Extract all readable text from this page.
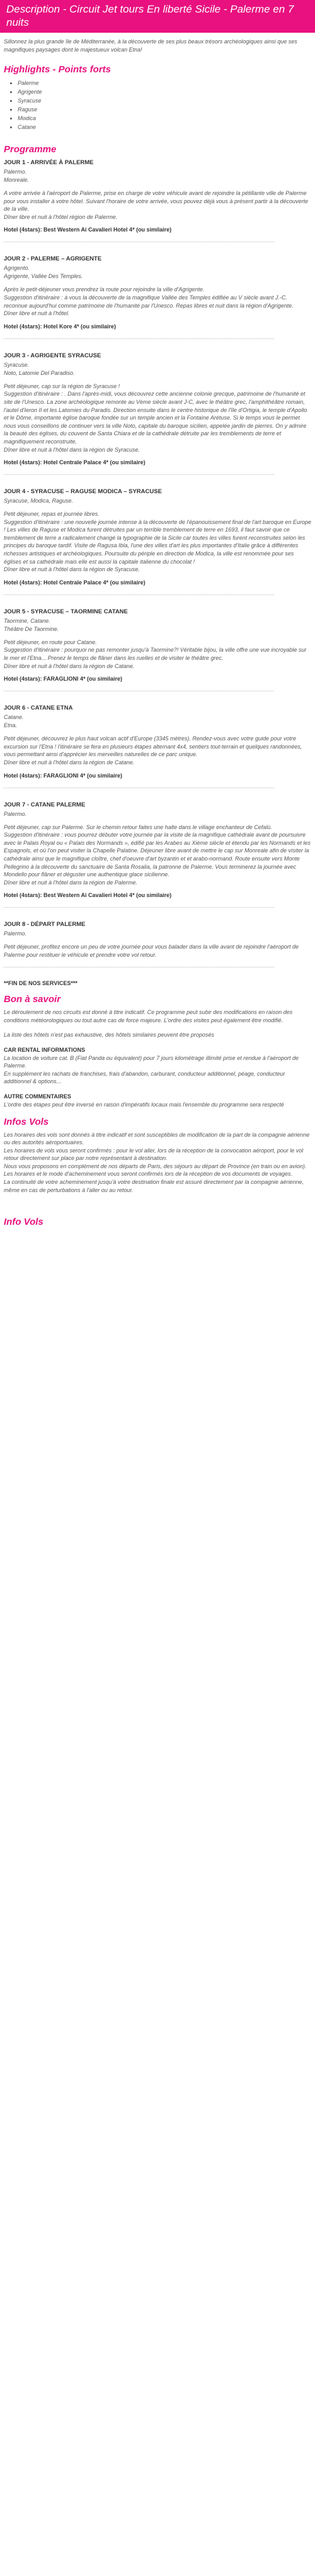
Description - Circuit Jet tours En liberté Sicile - Palerme en 7 nuits

Sillonnez la plus grande île de Méditerranée, à la découverte de ses plus beaux trésors archéologiques ainsi que ses magnifiques paysages dont le majestueux volcan Etna!

Highlights - Points forts
• Palerme
• Agrigente
• Syracuse
• Raguse
• Modica
• Catane
Programme
JOUR 1 - ARRIVÉE À PALERME
Palermo.
Monreale.
A votre arrivée à l'aéroport de Palerme, prise en charge de votre véhicule avant de rejoindre la pétillante ville de Palerme pour vous installer à votre hôtel. Suivant l'horaire de votre arrivée, vous pouvez déjà vous à présent partir à la découverte de la ville.
Dîner libre et nuit à l'hôtel région de Palerme.
Hotel (4stars): Best Western Ai Cavalieri Hotel 4* (ou similaire)
JOUR 2 - PALERME – AGRIGENTE
Agrigento.
Agrigente, Vallée Des Temples.
Après le petit-déjeuner vous prendrez la route pour rejoindre la ville d'Agrigente.
Suggestion d'itinéraire : à vous la découverte de la magnifique Vallée des Temples édifiée au V siècle avant J.-C. reconnue aujourd'hui comme patrimoine de l'humanité par l'Unesco. Repas libres et nuit dans la région d'Agrigente.
Dîner libre et nuit à l'hôtel.
Hotel (4stars): Hotel Kore 4* (ou similaire)
JOUR 3 - AGRIGENTE SYRACUSE
Syracuse.
Noto, Latomie Del Paradiso.
Petit déjeuner, cap sur la région de Syracuse !
Suggestion d'itinéraire : . Dans l'après-midi, vous découvrez cette ancienne colonie grecque, patrimoine de l'humanité et site de l'Unesco. La zone archéologique remonte au Vème siècle avant J-C, avec le théâtre grec, l'amphithéâtre romain, l'autel d'Ieron II et les Latomies du Paradis. Direction ensuite dans le centre historique de l'île d'Ortigia, le temple d'Apollo et le Dôme, importante église baroque fondée sur un temple ancien et la Fontaine Arétuse. Si le temps vous le permet nous vous conseillons de continuer vers la ville Noto, capitale du baroque sicilien, appelée jardin de pierres. On y admire la beauté des églises, du couvent de Santa Chiara et de la cathédrale détruite par les tremblements de terre et magnifiquement reconstruite.
Dîner libre et nuit à l'hôtel dans la région de Syracuse.
Hotel (4stars): Hotel Centrale Palace 4* (ou similaire)
JOUR 4 - SYRACUSE – RAGUSE MODICA – SYRACUSE
Syracuse, Modica, Raguse.
Petit déjeuner, repas et journée libres.
Suggestion d'itinéraire : une nouvelle journée intense à la découverte de l'épanouissement final de l'art baroque en Europe ! Les villes de Raguse et Modica furent détruites par un terrible tremblement de terre en 1693, il faut savoir que ce tremblement de terre a radicalement changé la typographie de la Sicile car toutes les villes furent reconstruites selon les principes du baroque tardif. Visite de Ragusa Ibla, l'une des villes d'art les plus importantes d'Italie grâce à différentes richesses artistiques et archéologiques. Poursuite du périple en direction de Modica, la ville est renommée pour ses églises et sa cathédrale mais elle est aussi la capitale italienne du chocolat !
Dîner libre et nuit à l'hôtel dans la région de Syracuse.
Hotel (4stars): Hotel Centrale Palace 4* (ou similaire)
JOUR 5 - SYRACUSE – TAORMINE CATANE
Taormine, Catane.
Théâtre De Taormine.
Petit déjeuner, en route pour Catane.
Suggestion d'itinéraire : pourquoi ne pas remonter jusqu'à Taormine?! Véritable bijou, la ville offre une vue incroyable sur le mer et l'Etna... Prenez le temps de flâner dans les ruelles et de visiter le théâtre grec.
Dîner libre et nuit à l'hôtel dans la région de Catane.
Hotel (4stars): FARAGLIONI 4* (ou similaire)
JOUR 6 - CATANE ETNA
Catane.
Etna.
Petit déjeuner, découvrez le plus haut volcan actif d'Europe (3345 mètres). Rendez-vous avec votre guide pour votre excursion sur l'Etna ! l'itinéraire se fera en plusieurs étapes alternant 4x4, sentiers tout-terrain et quelques randonnées, vous permettant ainsi d'apprécier les merveilles naturelles de ce parc unique.
Dîner libre et nuit à l'hôtel dans la région de Catane.
Hotel (4stars): FARAGLIONI 4* (ou similaire)
JOUR 7 - CATANE PALERME
Palermo.
Petit déjeuner, cap sur Palerme. Sur le chemin retour faites une halte dans le village enchanteur de Cefalù.
Suggestion d'itinéraire : vous pourrez débuter votre journée par la visite de la magnifique cathédrale avant de poursuivre avec le Palais Royal ou « Palais des Normands », édifié par les Arabes au Xième siècle et étendu par les Normands et les Espagnols, et où l'on peut visiter la Chapelle Palatine. Déjeuner libre avant de mettre le cap sur Monreale afin de visiter la cathédrale ainsi que le magnifique cloître, chef d'oeuvre d'art byzantin et et arabo-normand. Route ensuite vers Monte Pellegrino à la découverte du sanctuaire de Santa Rosalia, la patronne de Palerme. Vous terminerez la journée avec Mondello pour flâner et déguster une authentique glace sicilienne.
Dîner libre et nuit à l'hôtel dans la région de Palerme.
Hotel (4stars): Best Western Ai Cavalieri Hotel 4* (ou similaire)
JOUR 8 - DÉPART PALERME
Palermo.
Petit déjeuner, profitez encore un peu de votre journée pour vous balader dans la ville avant de rejoindre l'aéroport de Palerme pour restituer le véhicule et prendre votre vol retour.
**FIN DE NOS SERVICES***
Bon à savoir

Le déroulement de nos circuits est donné à titre indicatif. Ce programme peut subir des modifications en raison des conditions météorologiques ou tout autre cas de force majeure. L'ordre des visites peut également être modifié.

La liste des hôtels n'est pas exhaustive, des hôtels similaires peuvent être proposés

CAR RENTAL INFORMATIONS
La location de voiture cat. B (Fiat Panda ou équivalent) pour 7 jours kilométrage illimité prise et rendue à l'aéroport de Palerme.
En supplément les rachats de franchises, frais d'abandon, carburant, conducteur additionnel, péage, conducteur additionnel & options...
AUTRE COMMENTAIRES
L'ordre des étapes peut être inversé en raison d'impératifs locaux mais l'ensemble du programme sera respecté
Infos Vols
Les horaires des vols sont donnés à titre indicatif et sont susceptibles de modification de la part de la compagnie aérienne ou des autorités aéroportuaires.
Les horaires de vols vous seront confirmés : pour le vol aller, lors de la réception de la convocation aéroport, pour le vol retour directement sur place par notre représentant à destination.
Nous vous proposons en complément de nos départs de Paris, des séjours au départ de Province (en train ou en avion). Les horaires et le mode d'acheminement vous seront confirmés lors de la réception de vos documents de voyages.
La continuité de votre acheminement jusqu'à votre destination finale est assuré directement par la compagnie aérienne, même en cas de perturbations à l'aller ou au retour.
Info Vols
